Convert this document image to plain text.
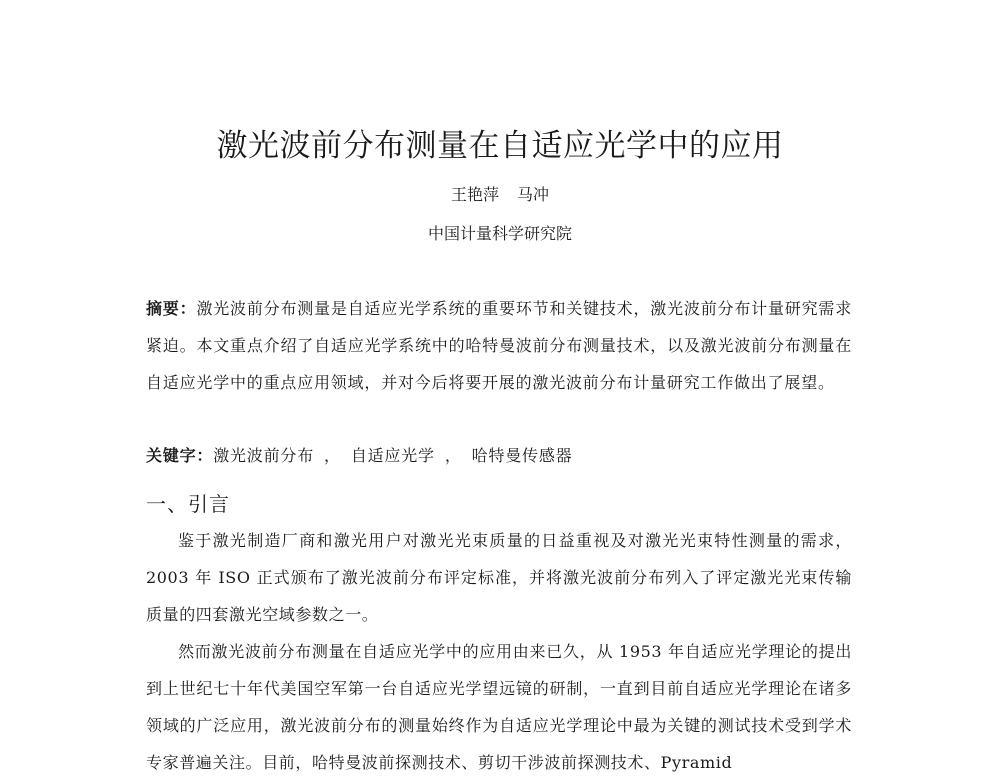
激光波前分布测量在自适应光学中的应用
王艳萍 马冲
中国计量科学研究院
摘要：激光波前分布测量是自适应光学系统的重要环节和关键技术，激光波前分布计量研究需求紧迫。本文重点介绍了自适应光学系统中的哈特曼波前分布测量技术，以及激光波前分布测量在自适应光学中的重点应用领域，并对今后将要开展的激光波前分布计量研究工作做出了展望。
关键字：激光波前分布 ， 自适应光学 ， 哈特曼传感器
一、引言

鉴于激光制造厂商和激光用户对激光光束质量的日益重视及对激光光束特性测量的需求，2003 年 ISO 正式颁布了激光波前分布评定标准，并将激光波前分布列入了评定激光光束传输质量的四套激光空域参数之一。

然而激光波前分布测量在自适应光学中的应用由来已久，从 1953 年自适应光学理论的提出到上世纪七十年代美国空军第一台自适应光学望远镜的研制，一直到目前自适应光学理论在诸多领域的广泛应用，激光波前分布的测量始终作为自适应光学理论中最为关键的测试技术受到学术专家普遍关注。目前，哈特曼波前探测技术、剪切干涉波前探测技术、Pyramid
